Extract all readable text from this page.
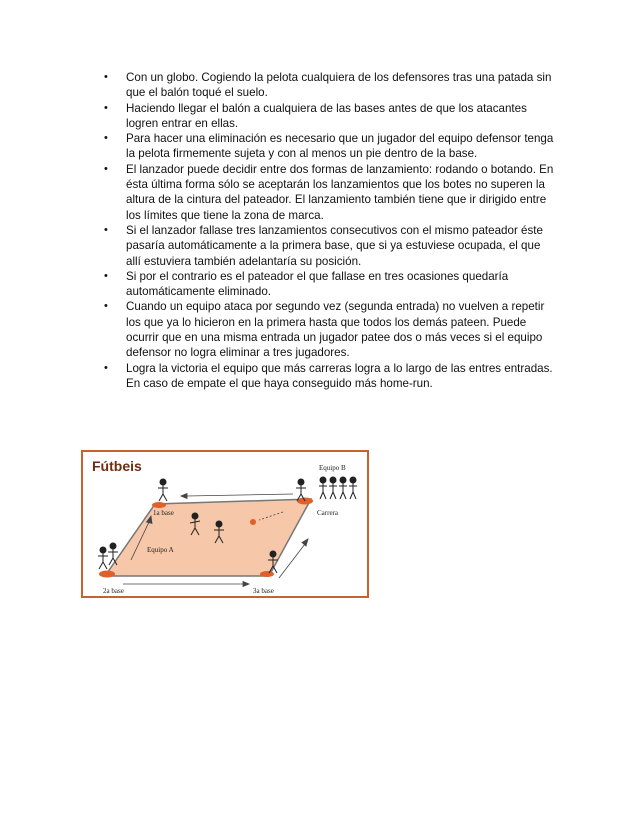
• Con un globo. Cogiendo la pelota cualquiera de los defensores tras una patada sin que el balón toqué el suelo.
• Haciendo llegar el balón a cualquiera de las bases antes de que los atacantes logren entrar en ellas.
• Para hacer una eliminación es necesario que un jugador del equipo defensor tenga la pelota firmemente sujeta y con al menos un pie dentro de la base.
• El lanzador puede decidir entre dos formas de lanzamiento: rodando o botando. En ésta última forma sólo se aceptarán los lanzamientos que los botes no superen la altura de la cintura del pateador. El lanzamiento también tiene que ir dirigido entre los límites que tiene la zona de marca.
• Si el lanzador fallase tres lanzamientos consecutivos con el mismo pateador éste pasaría automáticamente a la primera base, que si ya estuviese ocupada, el que allí estuviera también adelantaría su posición.
• Si por el contrario es el pateador el que fallase en tres ocasiones quedaría automáticamente eliminado.
• Cuando un equipo ataca por segundo vez (segunda entrada) no vuelven a repetir los que ya lo hicieron en la primera hasta que todos los demás pateen. Puede ocurrir que en una misma entrada un jugador patee dos o más veces si el equipo defensor no logra eliminar a tres jugadores.
• Logra la victoria el equipo que más carreras logra a lo largo de las entres entradas. En caso de empate el que haya conseguido más home-run.
1a base
2a base	3a base
Carrera
Equipo A
Equipo B
Fútbeis
